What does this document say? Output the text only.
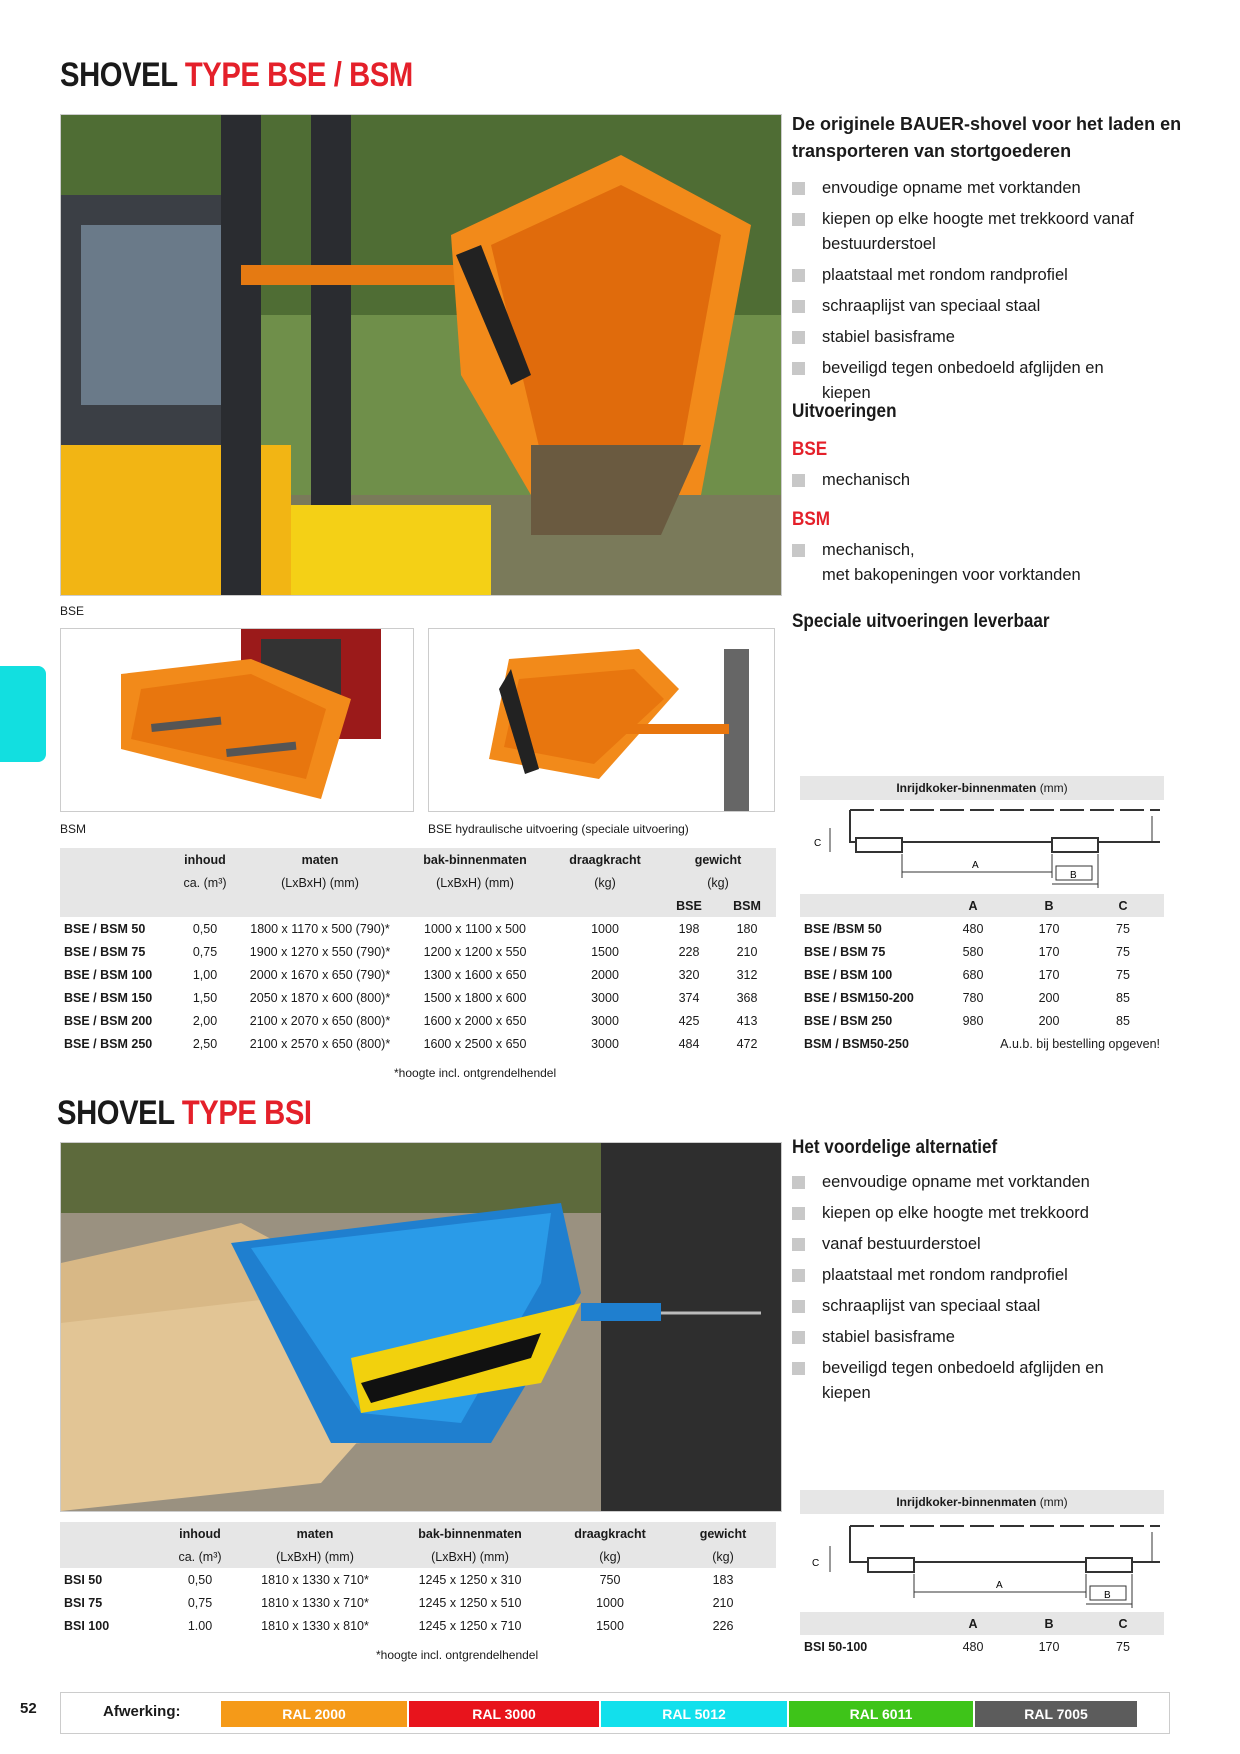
SHOVEL TYPE BSE / BSM
BSE
BSM	BSE hydraulische uitvoering (speciale uitvoering)
De originele BAUER-shovel voor het laden en transporteren van stortgoederen
envoudige opname met vorktanden
kiepen op elke hoogte met trekkoord vanaf bestuurderstoel
plaatstaal met rondom randprofiel
schraaplijst van speciaal staal
stabiel basisframe
beveiligd tegen onbedoeld afglijden en kiepen
Uitvoeringen
BSE
mechanisch
BSM
mechanisch,
met bakopeningen voor vorktanden
Speciale uitvoeringen leverbaar
	inhoud	maten	bak-binnenmaten	draagkracht	gewicht	
	ca. (m³)	(LxBxH) (mm)	(LxBxH) (mm)	(kg)	(kg)	
					BSE	BSM
BSE / BSM 50	0,50	1800 x 1170 x 500 (790)*	1000 x 1100 x 500	1000	198	180
BSE / BSM 75	0,75	1900 x 1270 x 550 (790)*	1200 x 1200 x 550	1500	228	210
BSE / BSM 100	1,00	2000 x 1670 x 650 (790)*	1300 x 1600 x 650	2000	320	312
BSE / BSM 150	1,50	2050 x 1870 x 600 (800)*	1500 x 1800 x 600	3000	374	368
BSE / BSM 200	2,00	2100 x 2070 x 650 (800)*	1600 x 2000 x 650	3000	425	413
BSE / BSM 250	2,50	2100 x 2570 x 650 (800)*	1600 x 2500 x 650	3000	484	472
*hoogte incl. ontgrendelhendel
Inrijdkoker-binnenmaten (mm)
C
A
B
	A	B	C
BSE /BSM 50	480	170	75
BSE / BSM 75	580	170	75
BSE / BSM 100	680	170	75
BSE / BSM150-200	780	200	85
BSE / BSM 250	980	200	85
BSM / BSM50-250	A.u.b. bij bestelling opgeven!		
SHOVEL TYPE BSI
Het voordelige alternatief
eenvoudige opname met vorktanden
kiepen op elke hoogte met trekkoord
vanaf bestuurderstoel
plaatstaal met rondom randprofiel
schraaplijst van speciaal staal
stabiel basisframe
beveiligd tegen onbedoeld afglijden en kiepen
	inhoud	maten	bak-binnenmaten	draagkracht	gewicht
	ca. (m³)	(LxBxH) (mm)	(LxBxH) (mm)	(kg)	(kg)
BSI 50	0,50	1810 x 1330 x 710*	1245 x 1250 x 310	750	183
BSI 75	0,75	1810 x 1330 x 710*	1245 x 1250 x 510	1000	210
BSI 100	1.00	1810 x 1330 x 810*	1245 x 1250 x 710	1500	226
*hoogte incl. ontgrendelhendel
Inrijdkoker-binnenmaten (mm)
C
A
B
	A	B	C
BSI 50-100	480	170	75
52	Afwerking:	RAL 2000	RAL 3000	RAL 5012	RAL 6011	RAL 7005
